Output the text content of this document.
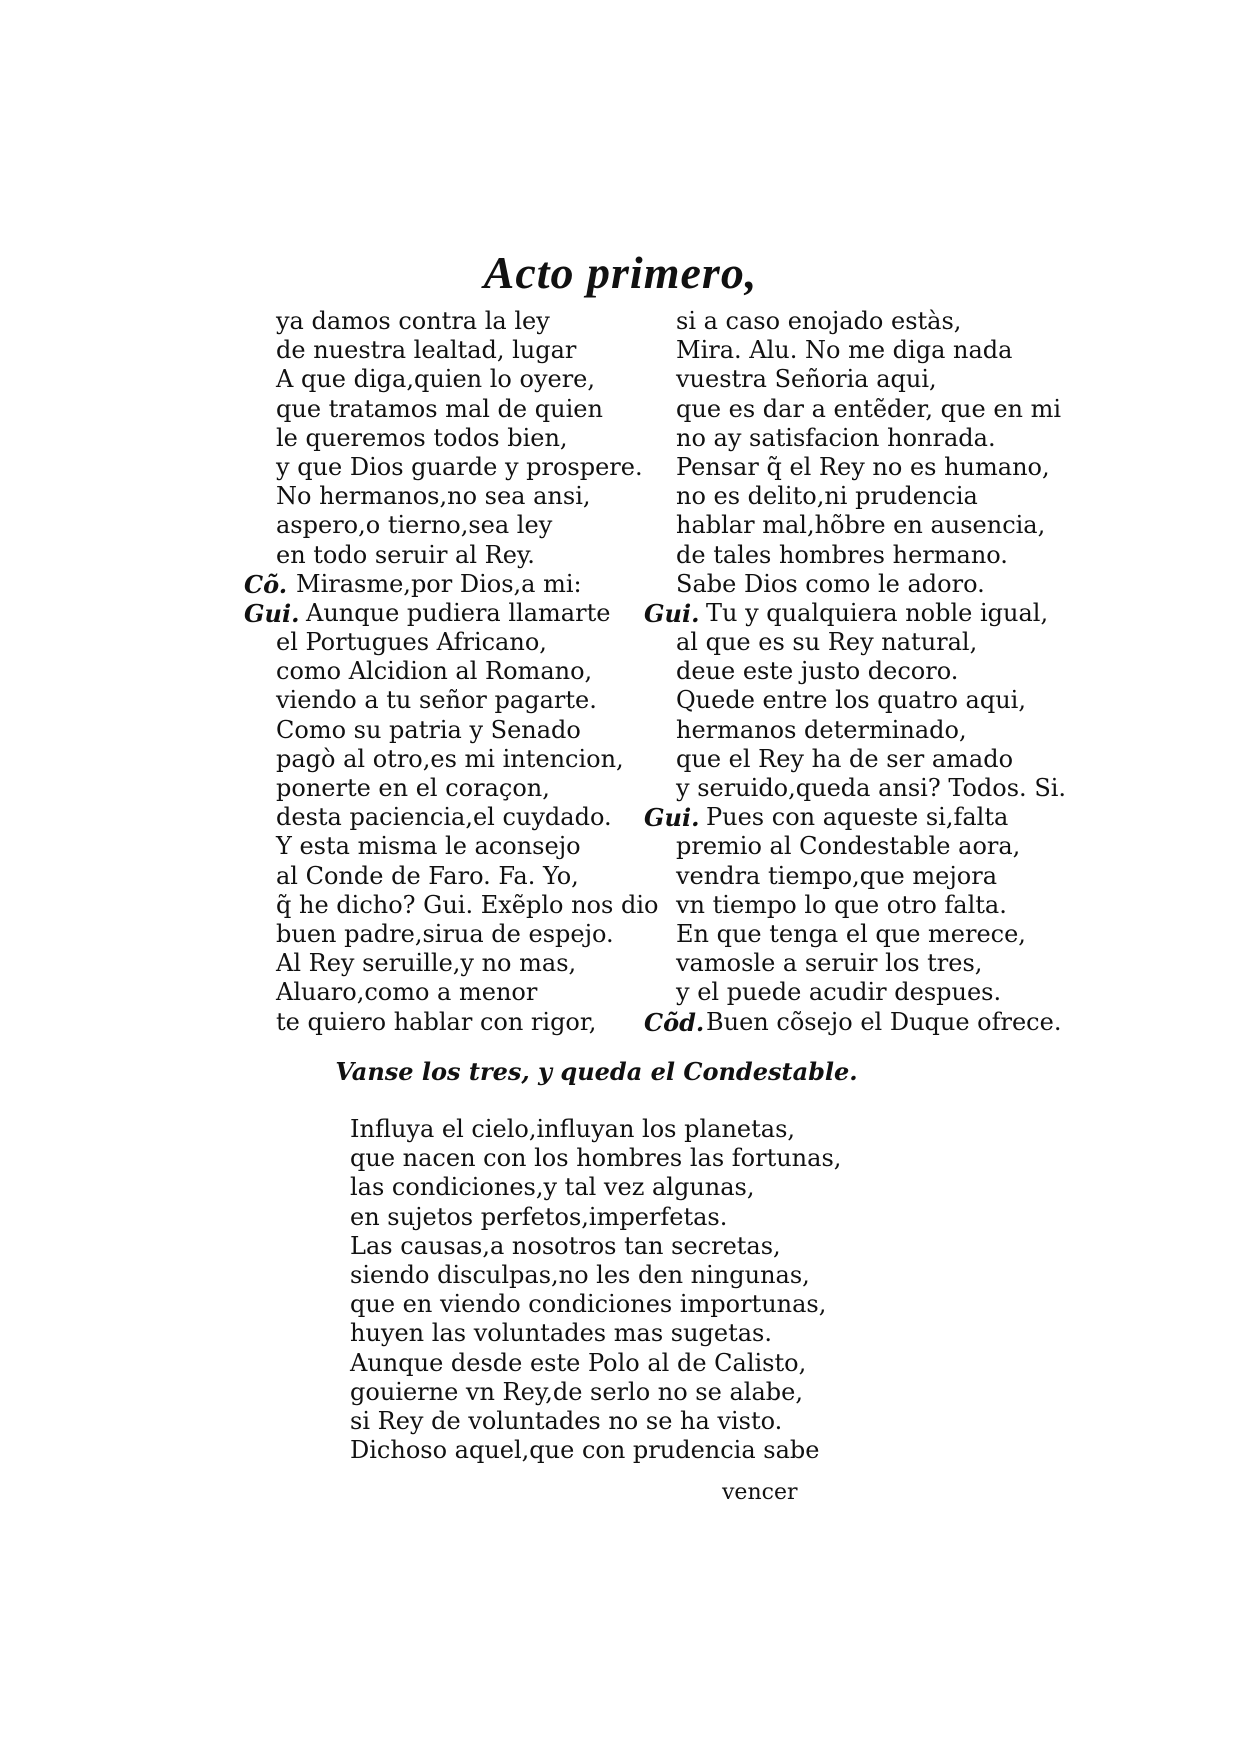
Acto primero,
ya damos contra la ley
de nuestra lealtad, lugar
A que diga,quien lo oyere,
que tratamos mal de quien
le queremos todos bien,
y que Dios guarde y prospere.
No hermanos,no sea ansi,
aspero,o tierno,sea ley
en todo seruir al Rey.
Cõ. Mirasme,por Dios,a mi:
Gui. Aunque pudiera llamarte
el Portugues Africano,
como Alcidion al Romano,
viendo a tu señor pagarte.
Como su patria y Senado
pagò al otro,es mi intencion,
ponerte en el coraçon,
desta paciencia,el cuydado.
Y esta misma le aconsejo
al Conde de Faro. Fa. Yo,
q̃ he dicho? Gui. Exẽplo nos dio
buen padre,sirua de espejo.
Al Rey seruille,y no mas,
Aluaro,como a menor
te quiero hablar con rigor,
si a caso enojado estàs,
Mira. Alu. No me diga nada
vuestra Señoria aqui,
que es dar a entẽder, que en mi
no ay satisfacion honrada.
Pensar q̃ el Rey no es humano,
no es delito,ni prudencia
hablar mal,hõbre en ausencia,
de tales hombres hermano.
Sabe Dios como le adoro.
Gui. Tu y qualquiera noble igual,
al que es su Rey natural,
deue este justo decoro.
Quede entre los quatro aqui,
hermanos determinado,
que el Rey ha de ser amado
y seruido,queda ansi? Todos. Si.
Gui. Pues con aqueste si,falta
premio al Condestable aora,
vendra tiempo,que mejora
vn tiempo lo que otro falta.
En que tenga el que merece,
vamosle a seruir los tres,
y el puede acudir despues.
Cõd. Buen cõsejo el Duque ofrece.
Vanse los tres, y queda el Condestable.
Influya el cielo,influyan los planetas,
que nacen con los hombres las fortunas,
las condiciones,y tal vez algunas,
en sujetos perfetos,imperfetas.
Las causas,a nosotros tan secretas,
siendo disculpas,no les den ningunas,
que en viendo condiciones importunas,
huyen las voluntades mas sugetas.
Aunque desde este Polo al de Calisto,
gouierne vn Rey,de serlo no se alabe,
si Rey de voluntades no se ha visto.
Dichoso aquel,que con prudencia sabe
vencer
